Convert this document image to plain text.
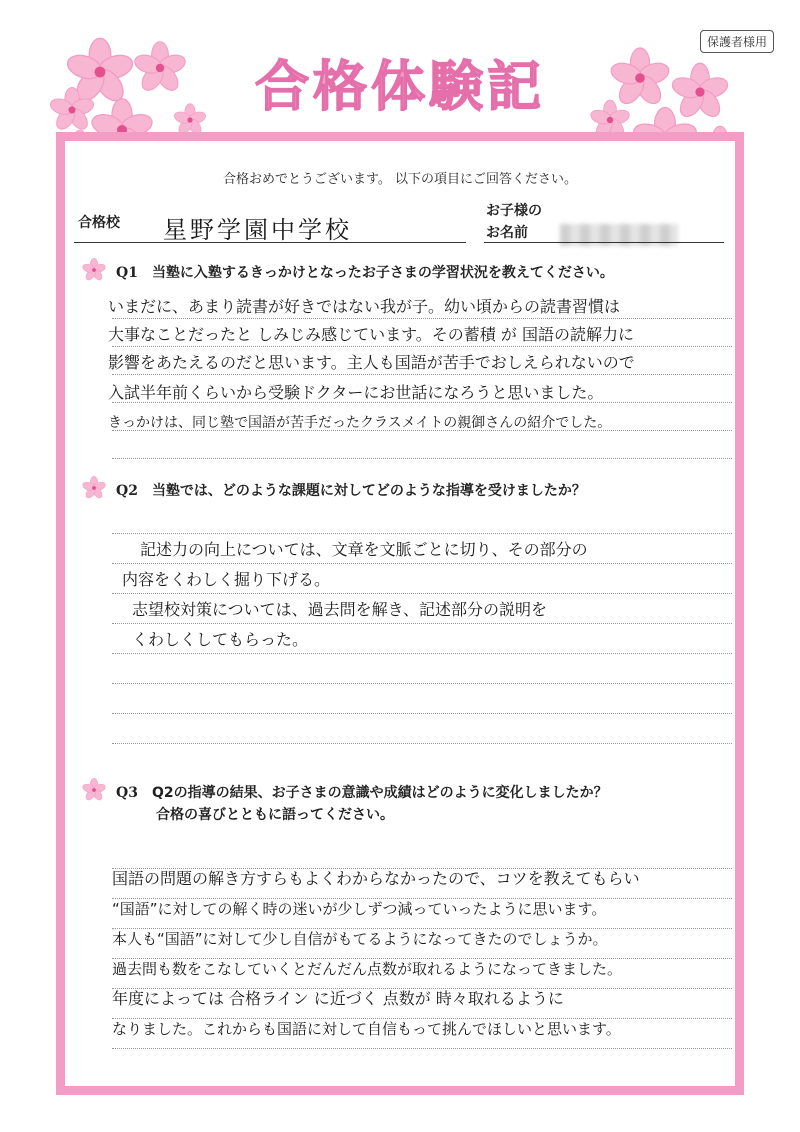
保護者様用
合格体験記
合格おめでとうございます。 以下の項目にご回答ください。
合格校 星野学園中学校
お子様の
お名前
Q1 当塾に入塾するきっかけとなったお子さまの学習状況を教えてください。
いまだに、あまり読書が好きではない我が子。幼い頃からの読書習慣は
大事なことだったと しみじみ感じています。その蓄積 が 国語の読解力に
影響をあたえるのだと思います。主人も国語が苦手でおしえられないので
入試半年前くらいから受験ドクターにお世話になろうと思いました。
きっかけは、同じ塾で国語が苦手だったクラスメイトの親御さんの紹介でした。
Q2 当塾では、どのような課題に対してどのような指導を受けましたか？
記述力の向上については、文章を文脈ごとに切り、その部分の
内容をくわしく掘り下げる。
志望校対策については、過去問を解き、記述部分の説明を
くわしくしてもらった。
Q3 Q2の指導の結果、お子さまの意識や成績はどのように変化しましたか？
合格の喜びとともに語ってください。
国語の問題の解き方すらもよくわからなかったので、コツを教えてもらい
“国語”に対しての解く時の迷いが少しずつ減っていったように思います。
本人も“国語”に対して少し自信がもてるようになってきたのでしょうか。
過去問も数をこなしていくとだんだん点数が取れるようになってきました。
年度によっては 合格ライン に近づく 点数が 時々取れるように
なりました。これからも国語に対して自信もって挑んでほしいと思います。
